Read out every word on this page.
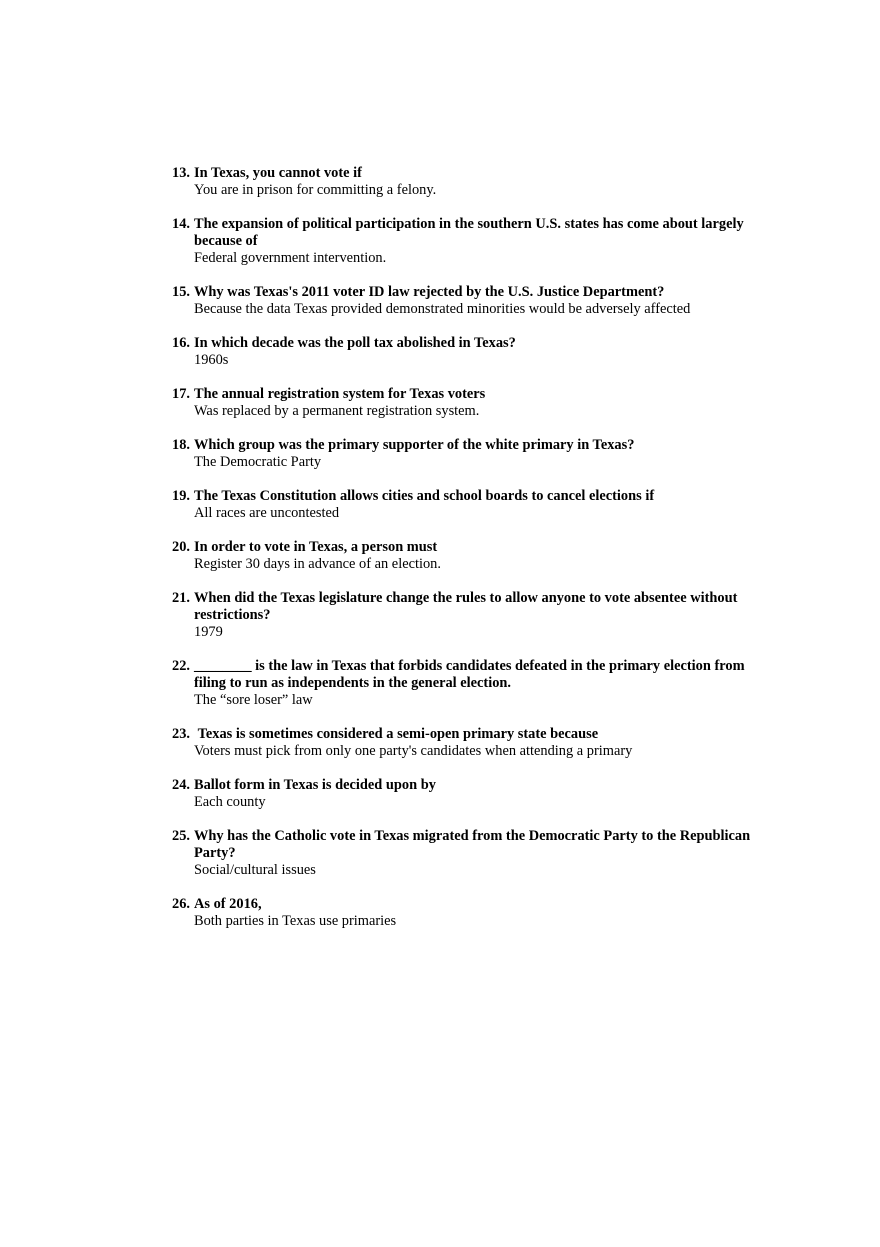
13. In Texas, you cannot vote if
You are in prison for committing a felony.
14. The expansion of political participation in the southern U.S. states has come about largely because of
Federal government intervention.
15. Why was Texas's 2011 voter ID law rejected by the U.S. Justice Department?
Because the data Texas provided demonstrated minorities would be adversely affected
16. In which decade was the poll tax abolished in Texas?
1960s
17. The annual registration system for Texas voters
Was replaced by a permanent registration system.
18. Which group was the primary supporter of the white primary in Texas?
The Democratic Party
19. The Texas Constitution allows cities and school boards to cancel elections if
All races are uncontested
20. In order to vote in Texas, a person must
Register 30 days in advance of an election.
21. When did the Texas legislature change the rules to allow anyone to vote absentee without restrictions?
1979
22. ________ is the law in Texas that forbids candidates defeated in the primary election from filing to run as independents in the general election.
The “sore loser” law
23. Texas is sometimes considered a semi-open primary state because
Voters must pick from only one party's candidates when attending a primary
24. Ballot form in Texas is decided upon by
Each county
25. Why has the Catholic vote in Texas migrated from the Democratic Party to the Republican Party?
Social/cultural issues
26. As of 2016,
Both parties in Texas use primaries
